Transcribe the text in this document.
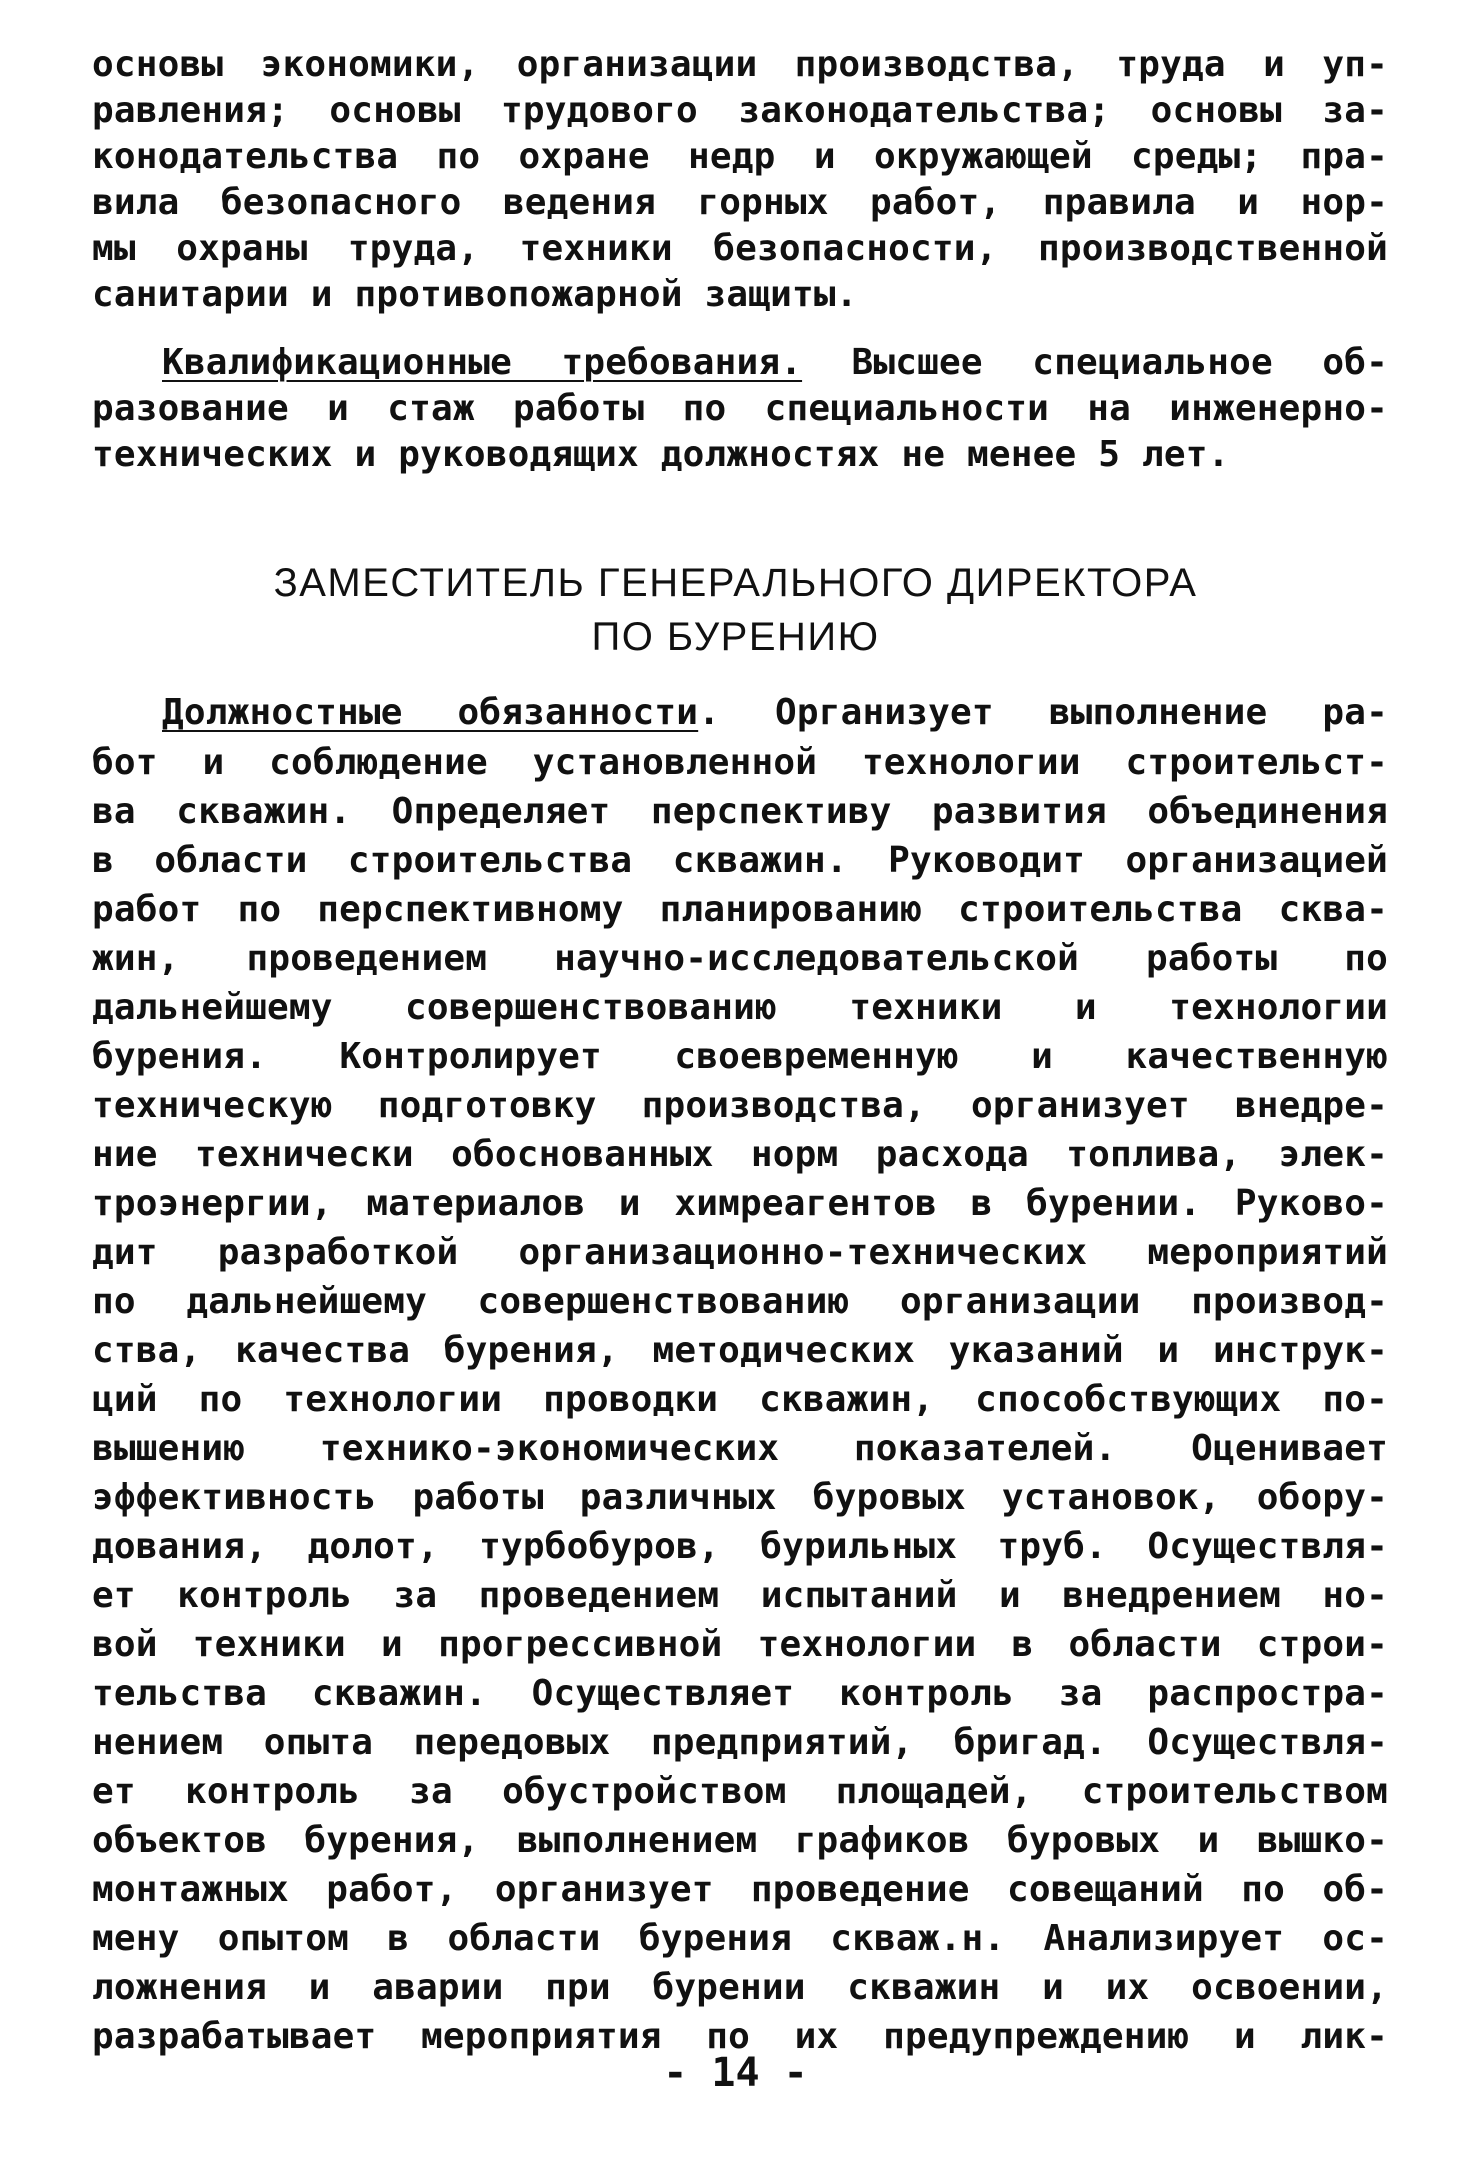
основы экономики, организации производства, труда и уп-
равления; основы трудового законодательства; основы за-
конодательства по охране недр и окружающей среды; пра-
вила безопасного ведения горных работ, правила и нор-
мы охраны труда, техники безопасности, производственной
санитарии и противопожарной защиты.
Квалификационные требования. Высшее специальное об-
разование и стаж работы по специальности на инженерно-
технических и руководящих должностях не менее 5 лет.
ЗАМЕСТИТЕЛЬ ГЕНЕРАЛЬНОГО ДИРЕКТОРА
ПО БУРЕНИЮ
Должностные обязанности. Организует выполнение ра-
бот и соблюдение установленной технологии строительст-
ва скважин. Определяет перспективу развития объединения
в области строительства скважин. Руководит организацией
работ по перспективному планированию строительства сква-
жин, проведением научно-исследовательской работы по
дальнейшему совершенствованию техники и технологии
бурения. Контролирует своевременную и качественную
техническую подготовку производства, организует внедре-
ние технически обоснованных норм расхода топлива, элек-
троэнергии, материалов и химреагентов в бурении. Руково-
дит разработкой организационно-технических мероприятий
по дальнейшему совершенствованию организации производ-
ства, качества бурения, методических указаний и инструк-
ций по технологии проводки скважин, способствующих по-
вышению технико-экономических показателей. Оценивает
эффективность работы различных буровых установок, обору-
дования, долот, турбобуров, бурильных труб. Осуществля-
ет контроль за проведением испытаний и внедрением но-
вой техники и прогрессивной технологии в области строи-
тельства скважин. Осуществляет контроль за распростра-
нением опыта передовых предприятий, бригад. Осуществля-
ет контроль за обустройством площадей, строительством
объектов бурения, выполнением графиков буровых и вышко-
монтажных работ, организует проведение совещаний по об-
мену опытом в области бурения скваж.н. Анализирует ос-
ложнения и аварии при бурении скважин и их освоении,
разрабатывает мероприятия по их предупреждению и лик-
- 14 -
